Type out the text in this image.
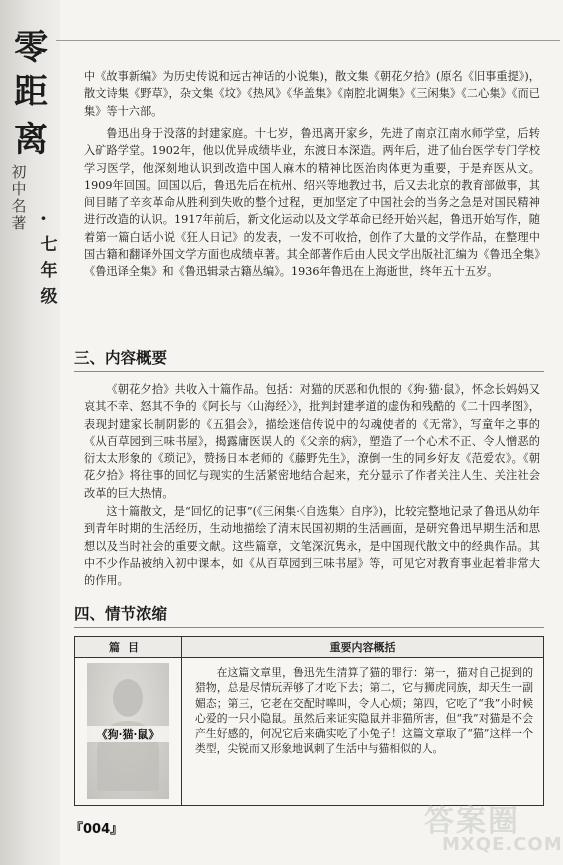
零
距
离
初中名著 ·
七年级

中《故事新编》为历史传说和远古神话的小说集)，散文集《朝花夕拾》(原名《旧事重提》)，散文诗集《野草》，杂文集《坟》《热风》《华盖集》《南腔北调集》《三闲集》《二心集》《而已集》等十六部。

鲁迅出身于没落的封建家庭。十七岁，鲁迅离开家乡，先进了南京江南水师学堂，后转入矿路学堂。1902年，他以优异成绩毕业，东渡日本深造。两年后，进了仙台医学专门学校学习医学，他深刻地认识到改造中国人麻木的精神比医治肉体更为重要，于是弃医从文。1909年回国。回国以后，鲁迅先后在杭州、绍兴等地教过书，后又去北京的教育部做事，其间目睹了辛亥革命从胜利到失败的整个过程，更加坚定了中国社会的当务之急是对国民精神进行改造的认识。1917年前后，新文化运动以及文学革命已经开始兴起，鲁迅开始写作，随着第一篇白话小说《狂人日记》的发表，一发不可收拾，创作了大量的文学作品，在整理中国古籍和翻译外国文学方面也成绩卓著。其全部著作后由人民文学出版社汇编为《鲁迅全集》《鲁迅译全集》和《鲁迅辑录古籍丛编》。1936年鲁迅在上海逝世，终年五十五岁。

三、内容概要

《朝花夕拾》共收入十篇作品。包括：对猫的厌恶和仇恨的《狗·猫·鼠》，怀念长妈妈又哀其不幸、怒其不争的《阿长与〈山海经〉》，批判封建孝道的虚伪和残酷的《二十四孝图》，表现封建家长制阴影的《五猖会》，描绘迷信传说中的勾魂使者的《无常》，写童年之事的《从百草园到三味书屋》，揭露庸医误人的《父亲的病》，塑造了一个心术不正、令人憎恶的衍太太形象的《琐记》，赞扬日本老师的《藤野先生》，潦倒一生的同乡好友《范爱农》。《朝花夕拾》将往事的回忆与现实的生活紧密地结合起来，充分显示了作者关注人生、关注社会改革的巨大热情。

这十篇散文，是“回忆的记事”(《三闲集·〈自选集〉自序》)，比较完整地记录了鲁迅从幼年到青年时期的生活经历，生动地描绘了清末民国初期的生活画面，是研究鲁迅早期生活和思想以及当时社会的重要文献。这些篇章，文笔深沉隽永，是中国现代散文中的经典作品。其中不少作品被纳入初中课本，如《从百草园到三味书屋》等，可见它对教育事业起着非常大的作用。

四、情节浓缩
篇目	重要内容概括
《狗·猫·鼠》

在这篇文章里，鲁迅先生清算了猫的罪行：第一，猫对自己捉到的猎物，总是尽情玩弄够了才吃下去；第二，它与狮虎同族，却天生一副媚态；第三，它老在交配时嗥叫，令人心烦；第四，它吃了“我”小时候心爱的一只小隐鼠。虽然后来证实隐鼠并非猫所害，但“我”对猫是不会产生好感的，何况它后来确实吃了小兔子！这篇文章取了“猫”这样一个类型，尖锐而又形象地讽刺了生活中与猫相似的人。

『004』	答案圈
MXQE.COM
